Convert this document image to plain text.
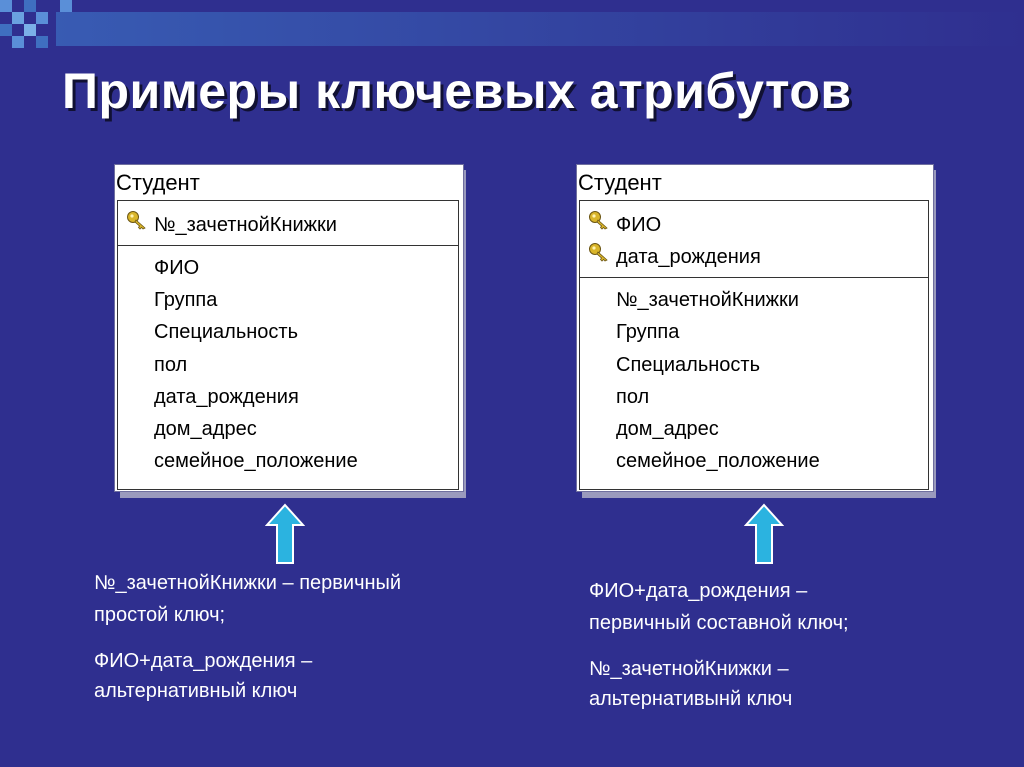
Примеры ключевых атрибутов
Студент
№_зачетнойКнижки
ФИО
Группа
Специальность
пол
дата_рождения
дом_адрес
семейное_положение
Студент
ФИО
дата_рождения
№_зачетнойКнижки
Группа
Специальность
пол
дом_адрес
семейное_положение
№_зачетнойКнижки – первичный
простой ключ;
ФИО+дата_рождения –
альтернативный ключ
ФИО+дата_рождения –
первичный составной ключ;
№_зачетнойКнижки –
альтернативынй ключ
